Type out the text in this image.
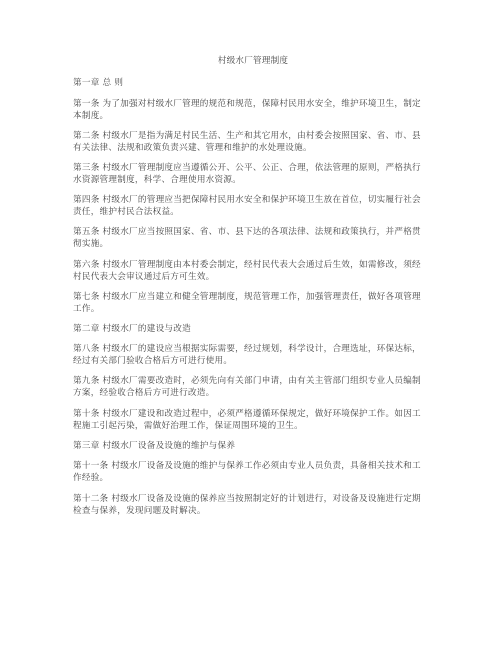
村级水厂管理制度
第一章 总 则
第一条 为了加强对村级水厂管理的规范和规范，保障村民用水安全，维护环境卫生，制定
本制度。
第二条 村级水厂是指为满足村民生活、生产和其它用水，由村委会按照国家、省、市、县
有关法律、法规和政策负责兴建、管理和维护的水处理设施。
第三条 村级水厂管理制度应当遵循公开、公平、公正、合理，依法管理的原则，严格执行
水资源管理制度，科学、合理使用水资源。
第四条 村级水厂的管理应当把保障村民用水安全和保护环境卫生放在首位，切实履行社会
责任，维护村民合法权益。
第五条 村级水厂应当按照国家、省、市、县下达的各项法律、法规和政策执行，并严格贯
彻实施。
第六条 村级水厂管理制度由本村委会制定，经村民代表大会通过后生效，如需修改，须经
村民代表大会审议通过后方可生效。
第七条 村级水厂应当建立和健全管理制度，规范管理工作，加强管理责任，做好各项管理
工作。
第二章 村级水厂的建设与改造
第八条 村级水厂的建设应当根据实际需要，经过规划，科学设计，合理选址，环保达标，
经过有关部门验收合格后方可进行使用。
第九条 村级水厂需要改造时，必须先向有关部门申请，由有关主管部门组织专业人员编制
方案，经验收合格后方可进行改造。
第十条 村级水厂建设和改造过程中，必须严格遵循环保规定，做好环境保护工作。如因工
程施工引起污染，需做好治理工作，保证周围环境的卫生。
第三章 村级水厂设备及设施的维护与保养
第十一条 村级水厂设备及设施的维护与保养工作必须由专业人员负责，具备相关技术和工
作经验。
第十二条 村级水厂设备及设施的保养应当按照制定好的计划进行，对设备及设施进行定期
检查与保养，发现问题及时解决。
